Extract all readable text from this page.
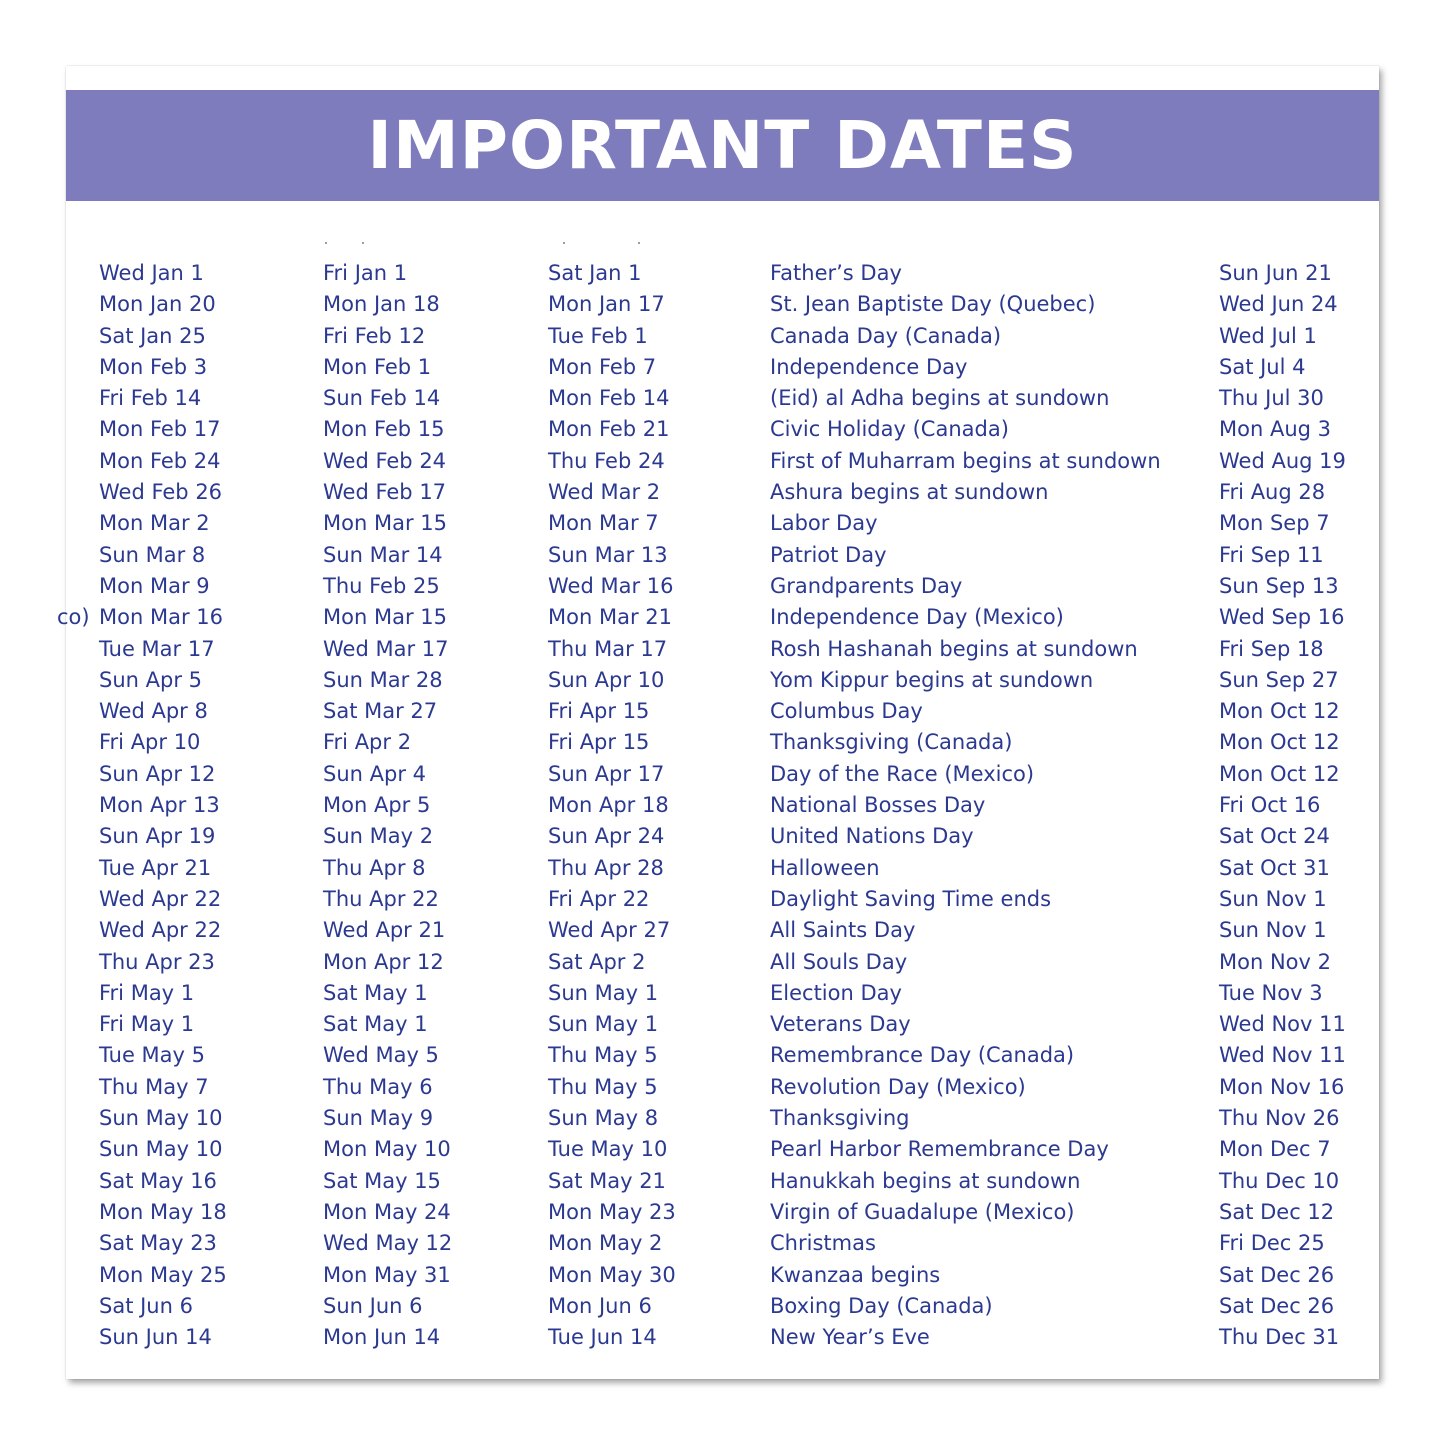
IMPORTANT DATES
Wed Jan 1
Mon Jan 20
Sat Jan 25
Mon Feb 3
Fri Feb 14
Mon Feb 17
Mon Feb 24
Wed Feb 26
Mon Mar 2
Sun Mar 8
Mon Mar 9
co) Mon Mar 16
Tue Mar 17
Sun Apr 5
Wed Apr 8
Fri Apr 10
Sun Apr 12
Mon Apr 13
Sun Apr 19
Tue Apr 21
Wed Apr 22
Wed Apr 22
Thu Apr 23
Fri May 1
Fri May 1
Tue May 5
Thu May 7
Sun May 10
Sun May 10
Sat May 16
Mon May 18
Sat May 23
Mon May 25
Sat Jun 6
Sun Jun 14
Fri Jan 1
Mon Jan 18
Fri Feb 12
Mon Feb 1
Sun Feb 14
Mon Feb 15
Wed Feb 24
Wed Feb 17
Mon Mar 15
Sun Mar 14
Thu Feb 25
Mon Mar 15
Wed Mar 17
Sun Mar 28
Sat Mar 27
Fri Apr 2
Sun Apr 4
Mon Apr 5
Sun May 2
Thu Apr 8
Thu Apr 22
Wed Apr 21
Mon Apr 12
Sat May 1
Sat May 1
Wed May 5
Thu May 6
Sun May 9
Mon May 10
Sat May 15
Mon May 24
Wed May 12
Mon May 31
Sun Jun 6
Mon Jun 14
Sat Jan 1
Mon Jan 17
Tue Feb 1
Mon Feb 7
Mon Feb 14
Mon Feb 21
Thu Feb 24
Wed Mar 2
Mon Mar 7
Sun Mar 13
Wed Mar 16
Mon Mar 21
Thu Mar 17
Sun Apr 10
Fri Apr 15
Fri Apr 15
Sun Apr 17
Mon Apr 18
Sun Apr 24
Thu Apr 28
Fri Apr 22
Wed Apr 27
Sat Apr 2
Sun May 1
Sun May 1
Thu May 5
Thu May 5
Sun May 8
Tue May 10
Sat May 21
Mon May 23
Mon May 2
Mon May 30
Mon Jun 6
Tue Jun 14
Father’s Day
St. Jean Baptiste Day (Quebec)
Canada Day (Canada)
Independence Day
(Eid) al Adha begins at sundown
Civic Holiday (Canada)
First of Muharram begins at sundown
Ashura begins at sundown
Labor Day
Patriot Day
Grandparents Day
Independence Day (Mexico)
Rosh Hashanah begins at sundown
Yom Kippur begins at sundown
Columbus Day
Thanksgiving (Canada)
Day of the Race (Mexico)
National Bosses Day
United Nations Day
Halloween
Daylight Saving Time ends
All Saints Day
All Souls Day
Election Day
Veterans Day
Remembrance Day (Canada)
Revolution Day (Mexico)
Thanksgiving
Pearl Harbor Remembrance Day
Hanukkah begins at sundown
Virgin of Guadalupe (Mexico)
Christmas
Kwanzaa begins
Boxing Day (Canada)
New Year’s Eve
Sun Jun 21
Wed Jun 24
Wed Jul 1
Sat Jul 4
Thu Jul 30
Mon Aug 3
Wed Aug 19
Fri Aug 28
Mon Sep 7
Fri Sep 11
Sun Sep 13
Wed Sep 16
Fri Sep 18
Sun Sep 27
Mon Oct 12
Mon Oct 12
Mon Oct 12
Fri Oct 16
Sat Oct 24
Sat Oct 31
Sun Nov 1
Sun Nov 1
Mon Nov 2
Tue Nov 3
Wed Nov 11
Wed Nov 11
Mon Nov 16
Thu Nov 26
Mon Dec 7
Thu Dec 10
Sat Dec 12
Fri Dec 25
Sat Dec 26
Sat Dec 26
Thu Dec 31
